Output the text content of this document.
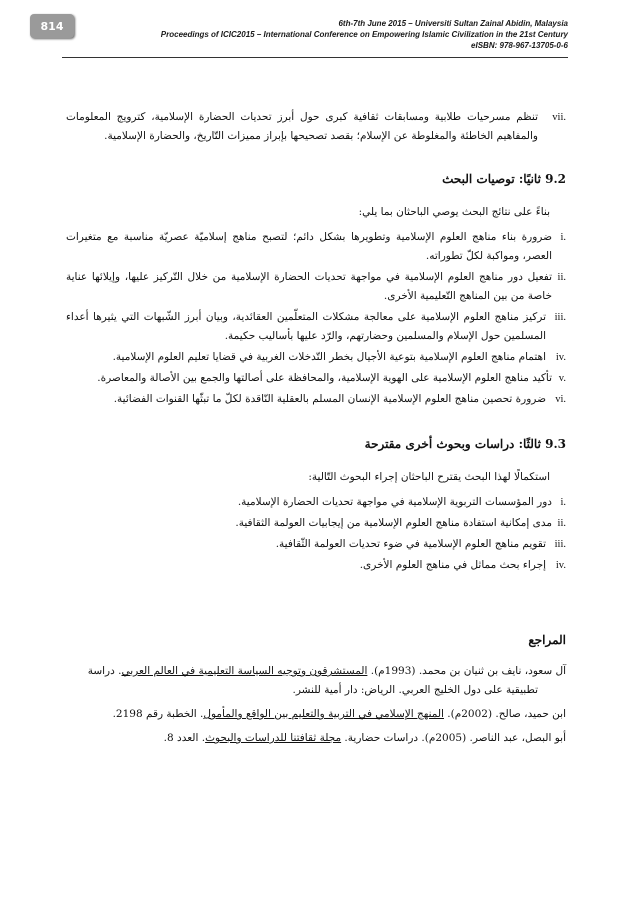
814	6th-7th June 2015 – Universiti Sultan Zainal Abidin, Malaysia
Proceedings of ICIC2015 – International Conference on Empowering Islamic Civilization in the 21st Century
eISBN: 978-967-13705-0-6
vii.
تنظم مسرحيات طلابية ومسابقات ثقافية كبرى حول أبرز تحديات الحضارة الإسلامية، كترويج المعلومات والمفاهيم الخاطئة والمغلوطة عن الإسلام؛ بقصد تصحيحها بإبراز مميزات التّاريخ، والحضارة الإسلامية.
9.2 ثانيًا: توصيات البحث
بناءً على نتائج البحث يوصي الباحثان بما يلي:
i.
ضرورة بناء مناهج العلوم الإسلامية وتطويرها بشكل دائم؛ لتصبح مناهج إسلاميّة عصريّة مناسبة مع متغيرات العصر، ومواكبة لكلّ تطوراته.
ii.
تفعيل دور مناهج العلوم الإسلامية في مواجهة تحديات الحضارة الإسلامية من خلال التّركيز عليها، وإيلائها عناية خاصة من بين المناهج التّعليمية الأخرى.
iii.
تركيز مناهج العلوم الإسلامية على معالجة مشكلات المتعلّمين العقائدية، وبيان أبرز الشّبهات التي يثيرها أعداء المسلمين حول الإسلام والمسلمين وحضارتهم، والرّد عليها بأساليب حكيمة.
iv.
اهتمام مناهج العلوم الإسلامية بتوعية الأجيال بخطر التّدخلات الغربية في قضايا تعليم العلوم الإسلامية.
v.
تأكيد مناهج العلوم الإسلامية على الهوية الإسلامية، والمحافظة على أصالتها والجمع بين الأصالة والمعاصرة.
vi.
ضرورة تحصين مناهج العلوم الإسلامية الإنسان المسلم بالعقلية النّاقدة لكلّ ما تبثّها القنوات الفضائية.
9.3 ثالثًا: دراسات وبحوث أخرى مقترحة
استكمالًا لهذا البحث يقترح الباحثان إجراء البحوث التّالية:
i.
دور المؤسسات التربوية الإسلامية في مواجهة تحديات الحضارة الإسلامية.
ii.
مدى إمكانية استفادة مناهج العلوم الإسلامية من إيجابيات العولمة الثقافية.
iii.
تقويم مناهج العلوم الإسلامية في ضوء تحديات العولمة الثّقافية.
iv.
إجراء بحث مماثل في مناهج العلوم الأخرى.
المراجع
آل سعود، نايف بن ثنيان بن محمد. (1993م). المستشرقون وتوجيه السياسة التعليمية في العالم العربي. دراسة
تطبيقية على دول الخليج العربي. الرياض: دار أمية للنشر.
ابن حميد، صالح. (2002م). المنهج الإسلامي في التربية والتعليم بين الواقع والمأمول. الخطبة رقم 2198.
أبو البصل، عبد الناصر. (2005م). دراسات حضارية. مجلة ثقافتنا للدراسات والبحوث. العدد 8.
